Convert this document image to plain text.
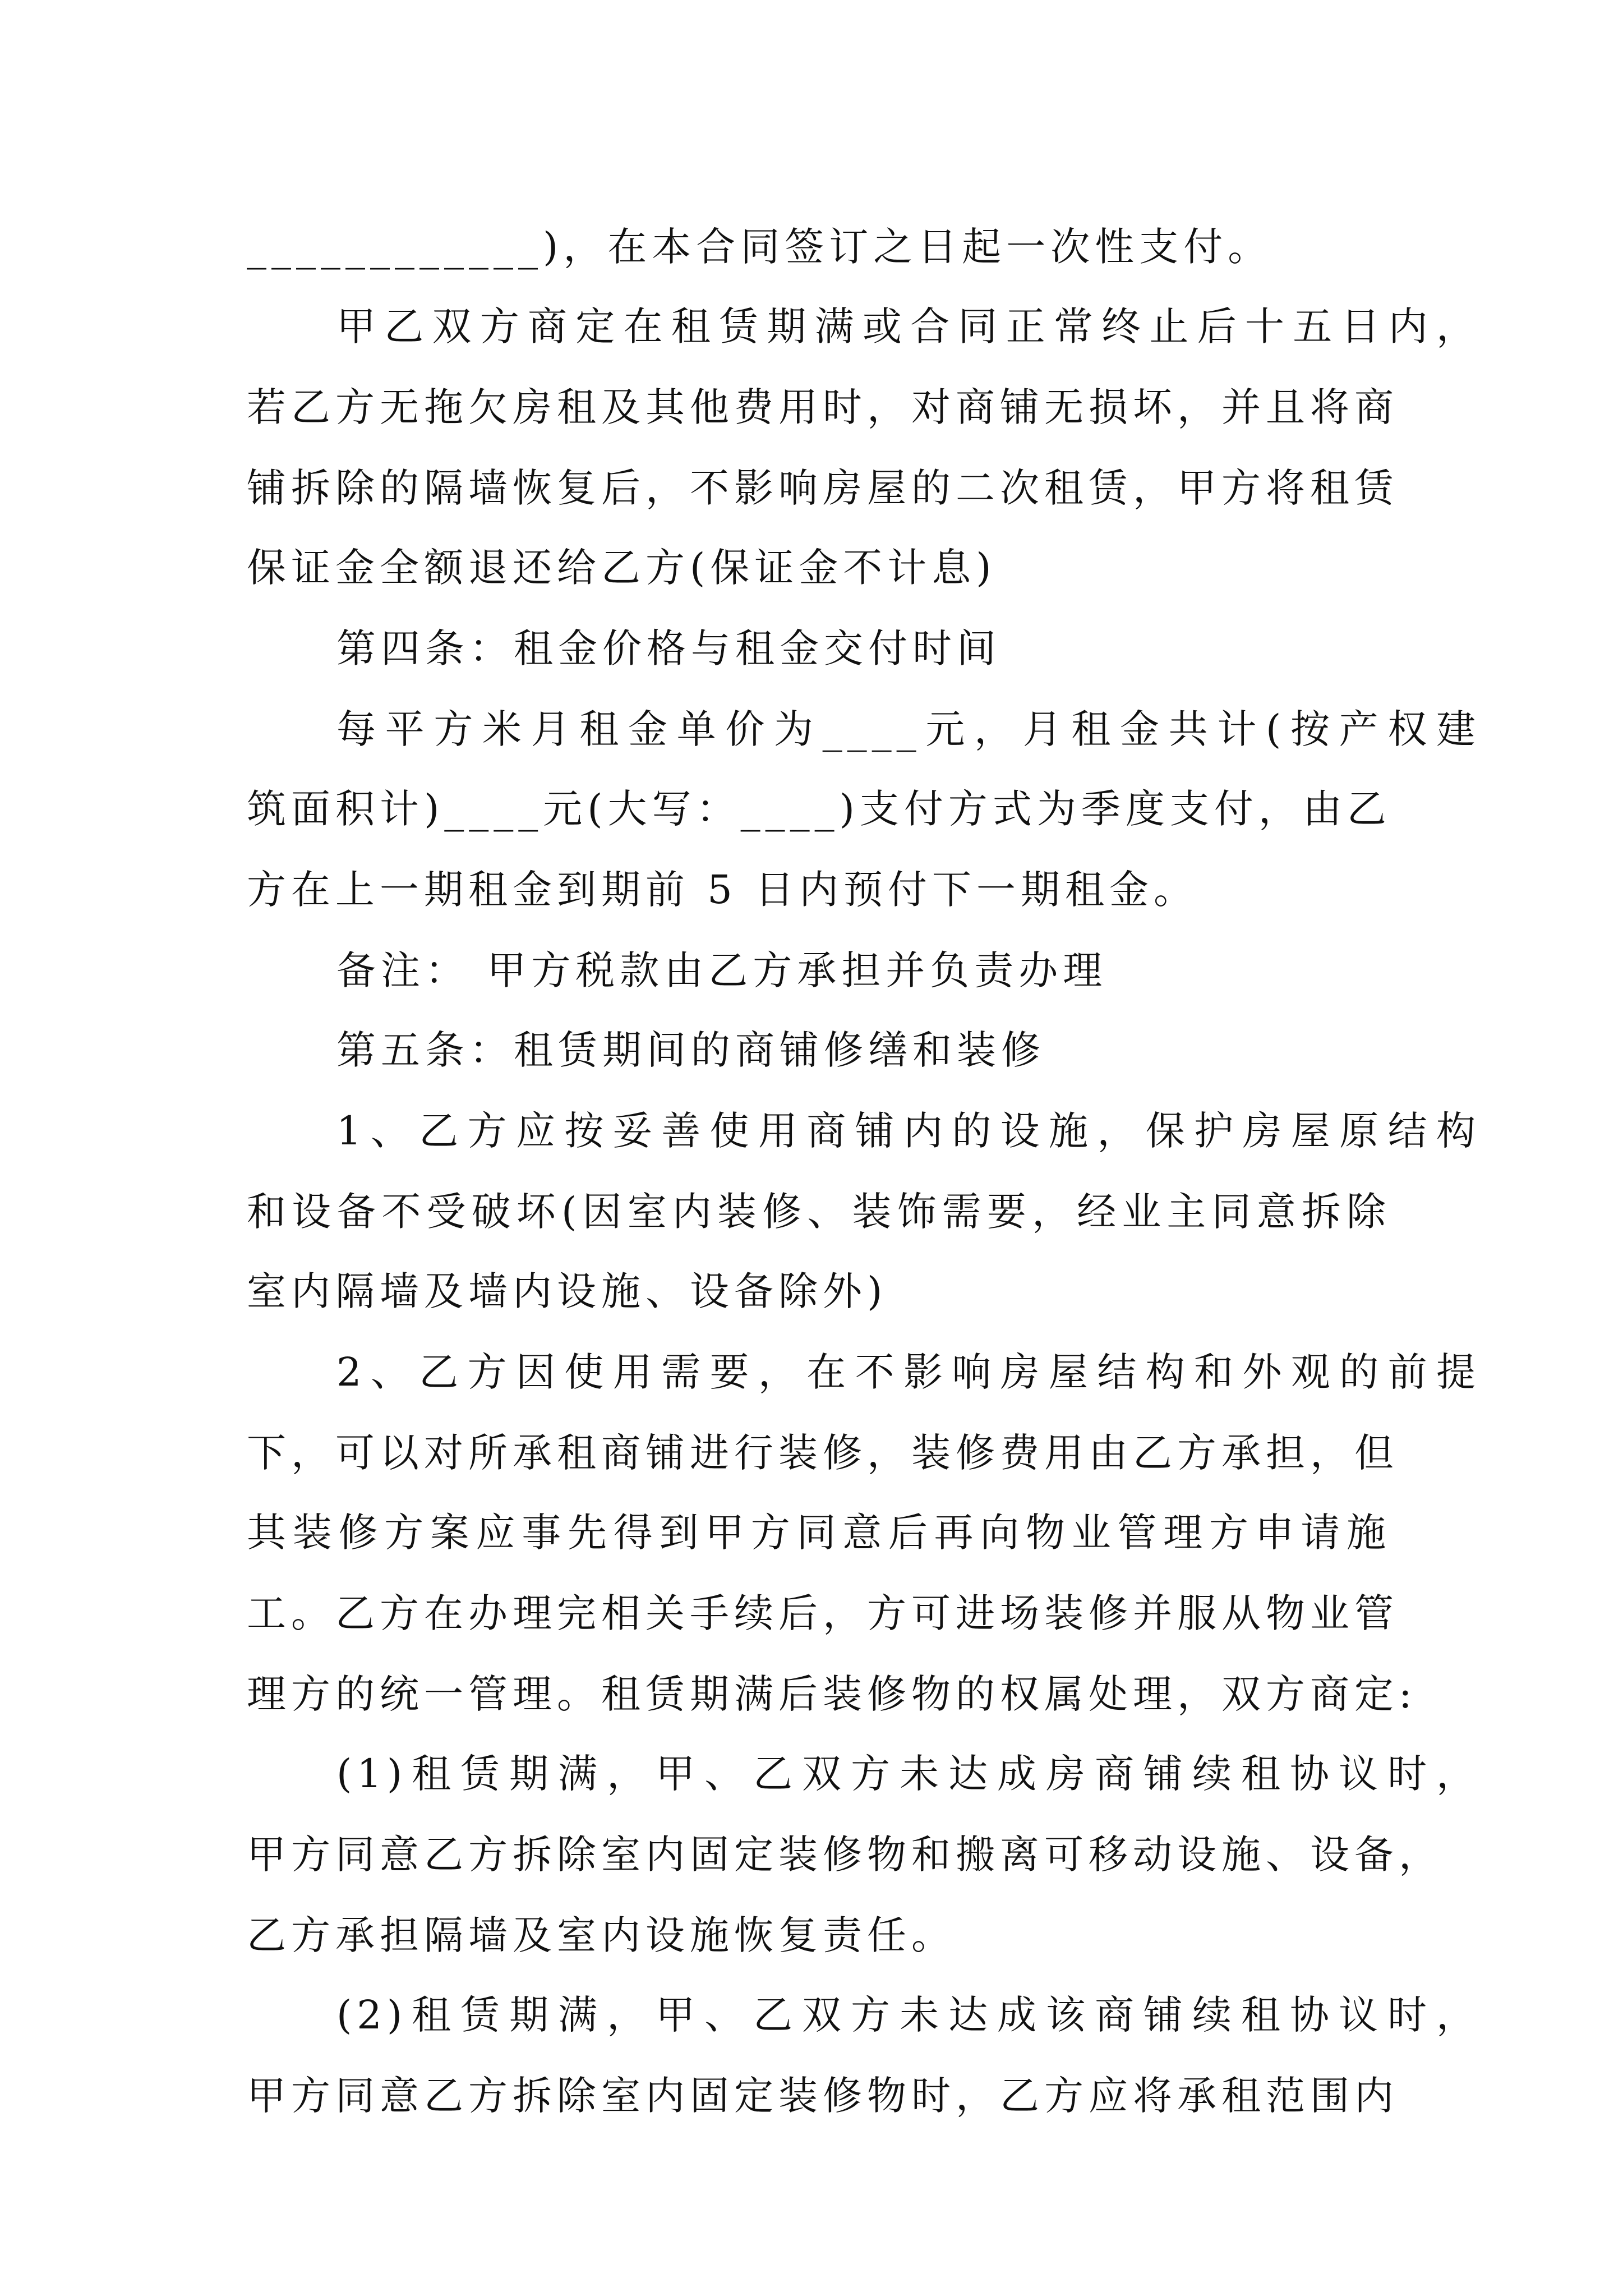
____________)，在本合同签订之日起一次性支付。
甲乙双方商定在租赁期满或合同正常终止后十五日内，
若乙方无拖欠房租及其他费用时，对商铺无损坏，并且将商
铺拆除的隔墙恢复后，不影响房屋的二次租赁，甲方将租赁
保证金全额退还给乙方(保证金不计息)
第四条：租金价格与租金交付时间
每平方米月租金单价为____元，月租金共计(按产权建
筑面积计)____元(大写：____)支付方式为季度支付，由乙
方在上一期租金到期前 5 日内预付下一期租金。
备注： 甲方税款由乙方承担并负责办理
第五条：租赁期间的商铺修缮和装修
1、乙方应按妥善使用商铺内的设施，保护房屋原结构
和设备不受破坏(因室内装修、装饰需要，经业主同意拆除
室内隔墙及墙内设施、设备除外)
2、乙方因使用需要，在不影响房屋结构和外观的前提
下，可以对所承租商铺进行装修，装修费用由乙方承担，但
其装修方案应事先得到甲方同意后再向物业管理方申请施
工。乙方在办理完相关手续后，方可进场装修并服从物业管
理方的统一管理。租赁期满后装修物的权属处理，双方商定:
(1)租赁期满，甲、乙双方未达成房商铺续租协议时，
甲方同意乙方拆除室内固定装修物和搬离可移动设施、设备，
乙方承担隔墙及室内设施恢复责任。
(2)租赁期满，甲、乙双方未达成该商铺续租协议时，
甲方同意乙方拆除室内固定装修物时，乙方应将承租范围内
